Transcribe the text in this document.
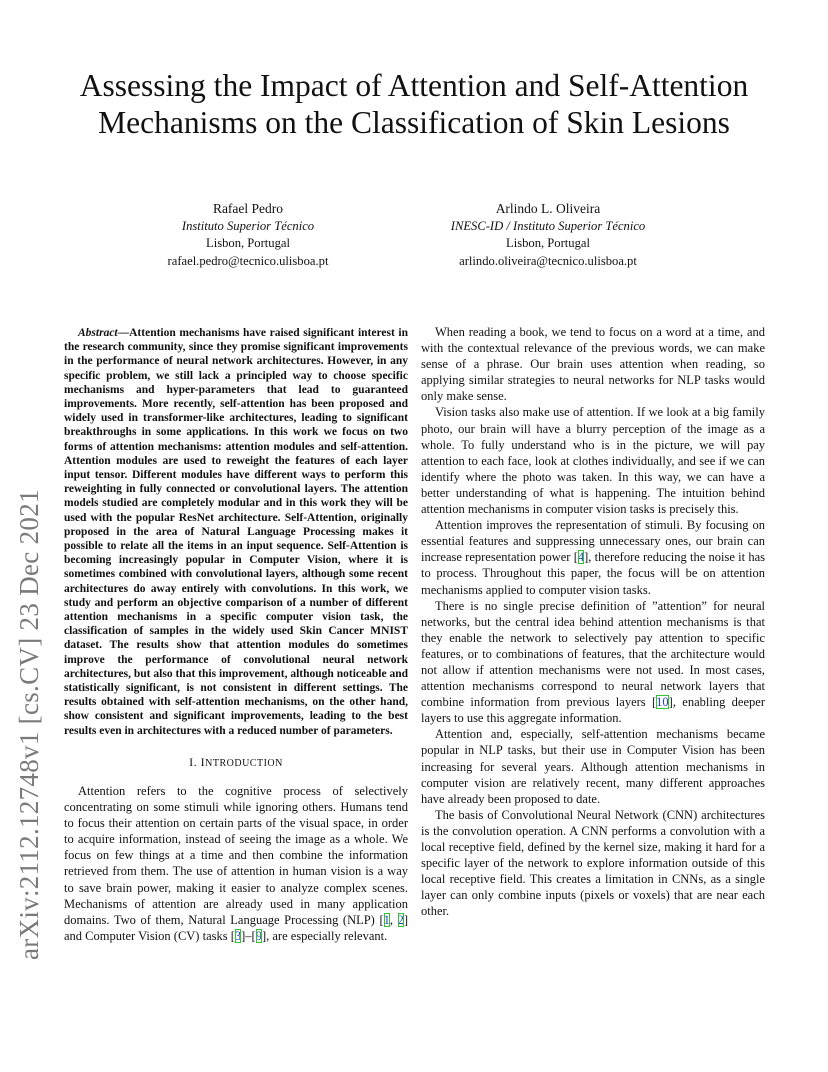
arXiv:2112.12748v1 [cs.CV] 23 Dec 2021
Assessing the Impact of Attention and Self-Attention Mechanisms on the Classification of Skin Lesions
Rafael Pedro
Instituto Superior Técnico
Lisbon, Portugal
rafael.pedro@tecnico.ulisboa.pt
Arlindo L. Oliveira
INESC-ID / Instituto Superior Técnico
Lisbon, Portugal
arlindo.oliveira@tecnico.ulisboa.pt

Abstract—Attention mechanisms have raised significant interest in the research community, since they promise significant improvements in the performance of neural network architectures. However, in any specific problem, we still lack a principled way to choose specific mechanisms and hyper-parameters that lead to guaranteed improvements. More recently, self-attention has been proposed and widely used in transformer-like architectures, leading to significant breakthroughs in some applications. In this work we focus on two forms of attention mechanisms: attention modules and self-attention. Attention modules are used to reweight the features of each layer input tensor. Different modules have different ways to perform this reweighting in fully connected or convolutional layers. The attention models studied are completely modular and in this work they will be used with the popular ResNet architecture. Self-Attention, originally proposed in the area of Natural Language Processing makes it possible to relate all the items in an input sequence. Self-Attention is becoming increasingly popular in Computer Vision, where it is sometimes combined with convolutional layers, although some recent architectures do away entirely with convolutions. In this work, we study and perform an objective comparison of a number of different attention mechanisms in a specific computer vision task, the classification of samples in the widely used Skin Cancer MNIST dataset. The results show that attention modules do sometimes improve the performance of convolutional neural network architectures, but also that this improvement, although noticeable and statistically significant, is not consistent in different settings. The results obtained with self-attention mechanisms, on the other hand, show consistent and significant improvements, leading to the best results even in architectures with a reduced number of parameters.

I. INTRODUCTION

Attention refers to the cognitive process of selectively concentrating on some stimuli while ignoring others. Humans tend to focus their attention on certain parts of the visual space, in order to acquire information, instead of seeing the image as a whole. We focus on few things at a time and then combine the information retrieved from them. The use of attention in human vision is a way to save brain power, making it easier to analyze complex scenes. Mechanisms of attention are already used in many application domains. Two of them, Natural Language Processing (NLP) [1, 2] and Computer Vision (CV) tasks [3]–[9], are especially relevant.

When reading a book, we tend to focus on a word at a time, and with the contextual relevance of the previous words, we can make sense of a phrase. Our brain uses attention when reading, so applying similar strategies to neural networks for NLP tasks would only make sense.

Vision tasks also make use of attention. If we look at a big family photo, our brain will have a blurry perception of the image as a whole. To fully understand who is in the picture, we will pay attention to each face, look at clothes individually, and see if we can identify where the photo was taken. In this way, we can have a better understanding of what is happening. The intuition behind attention mechanisms in computer vision tasks is precisely this.

Attention improves the representation of stimuli. By focusing on essential features and suppressing unnecessary ones, our brain can increase representation power [4], therefore reducing the noise it has to process. Throughout this paper, the focus will be on attention mechanisms applied to computer vision tasks.

There is no single precise definition of ”attention” for neural networks, but the central idea behind attention mechanisms is that they enable the network to selectively pay attention to specific features, or to combinations of features, that the architecture would not allow if attention mechanisms were not used. In most cases, attention mechanisms correspond to neural network layers that combine information from previous layers [10], enabling deeper layers to use this aggregate information.

Attention and, especially, self-attention mechanisms became popular in NLP tasks, but their use in Computer Vision has been increasing for several years. Although attention mechanisms in computer vision are relatively recent, many different approaches have already been proposed to date.

The basis of Convolutional Neural Network (CNN) architectures is the convolution operation. A CNN performs a convolution with a local receptive field, defined by the kernel size, making it hard for a specific layer of the network to explore information outside of this local receptive field. This creates a limitation in CNNs, as a single layer can only combine inputs (pixels or voxels) that are near each other.
